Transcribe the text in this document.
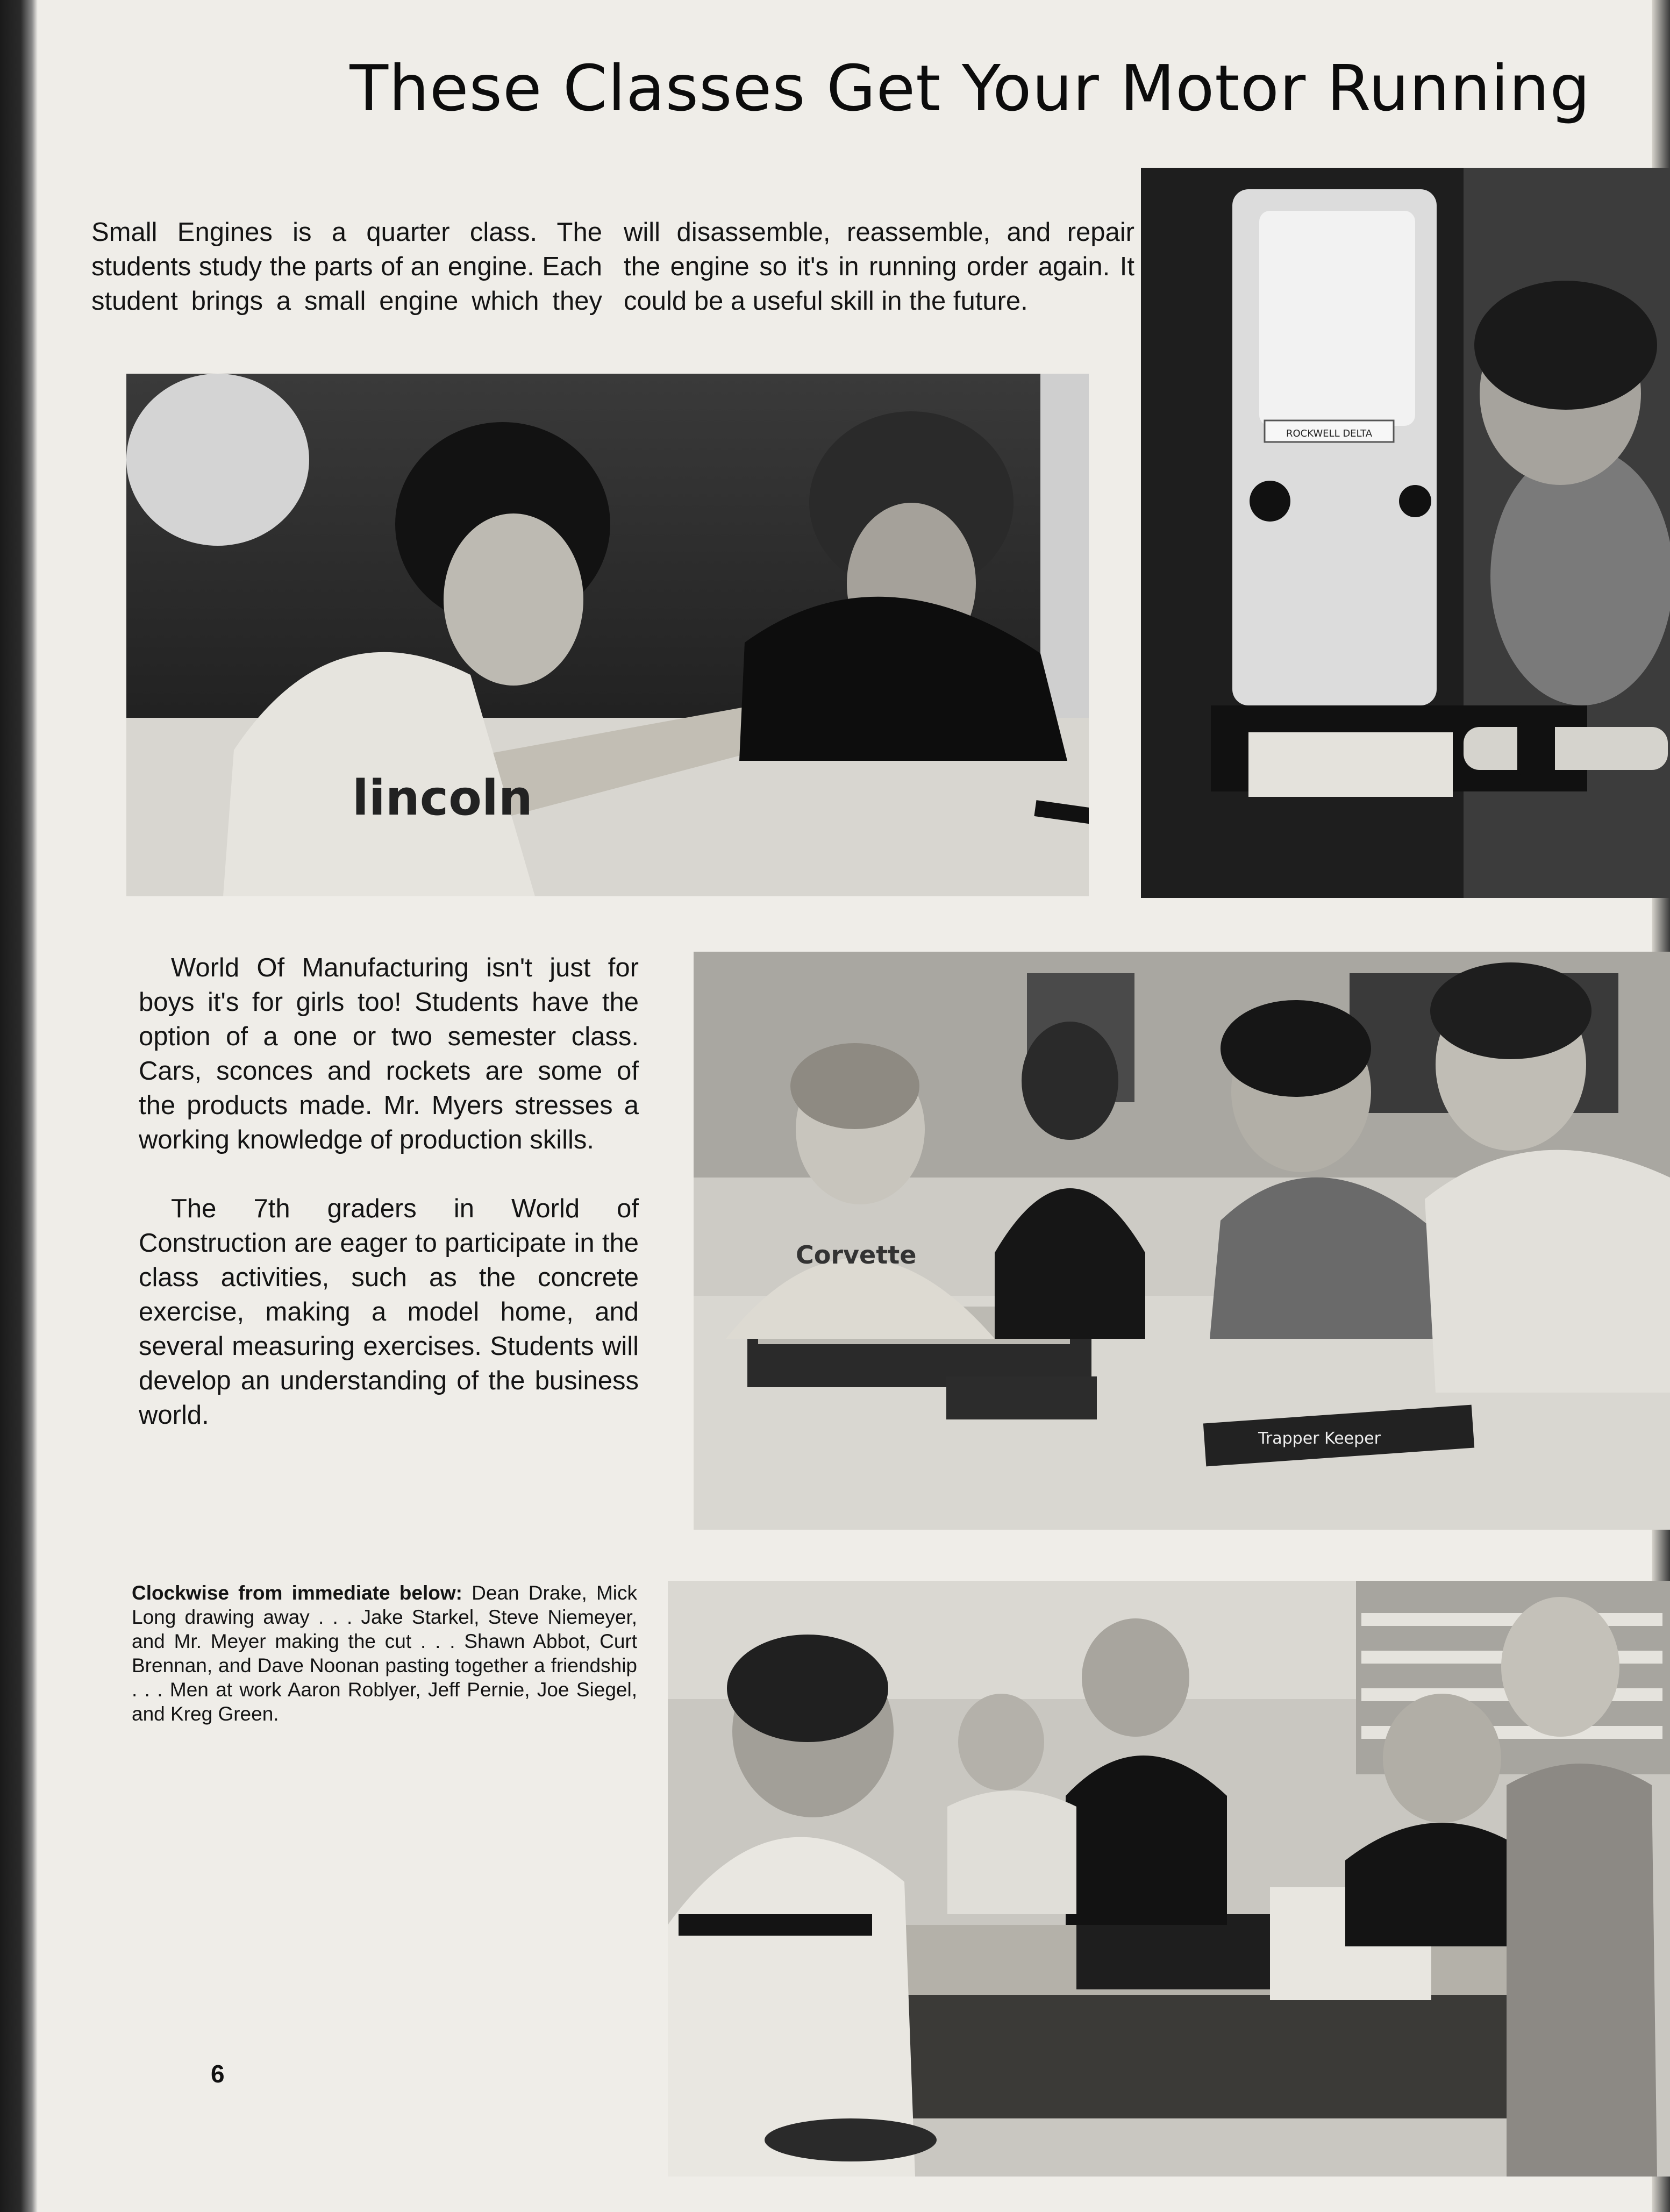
These Classes Get Your Motor Running
Small Engines is a quarter class. The students study the parts of an engine. Each student brings a small engine which they will disassemble, reassemble, and repair the engine so it's in running order again. It could be a useful skill in the future.
lincoln
ROCKWELL DELTA

World Of Manufacturing isn't just for boys it's for girls too! Students have the option of a one or two semester class. Cars, sconces and rockets are some of the products made. Mr. Myers stresses a working knowledge of production skills.

The 7th graders in World of Construction are eager to participate in the class activities, such as the concrete exercise, making a model home, and several measuring exercises. Students will develop an understanding of the business world.

Trapper Keeper
Corvette
Clockwise from immediate below: Dean Drake, Mick Long drawing away . . . Jake Starkel, Steve Niemeyer, and Mr. Meyer making the cut . . . Shawn Abbot, Curt Brennan, and Dave Noonan pasting together a friendship . . . Men at work Aaron Roblyer, Jeff Pernie, Joe Siegel, and Kreg Green.
6
